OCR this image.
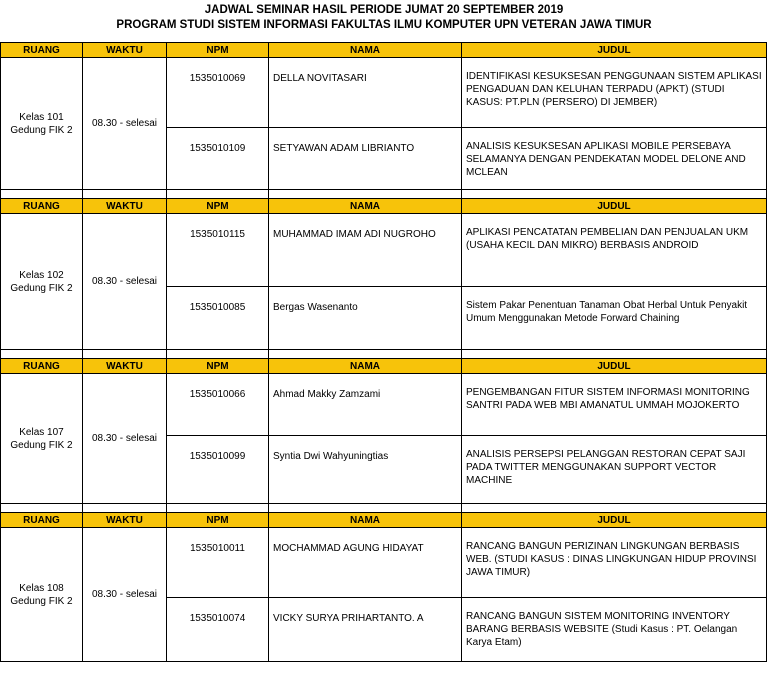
JADWAL SEMINAR HASIL PERIODE JUMAT 20 SEPTEMBER 2019
PROGRAM STUDI SISTEM INFORMASI FAKULTAS ILMU KOMPUTER UPN VETERAN JAWA TIMUR
RUANG	WAKTU	NPM	NAMA	JUDUL

Kelas 101
Gedung FIK 2	08.30 - selesai	1535010069	DELLA NOVITASARI	IDENTIFIKASI KESUKSESAN PENGGUNAAN SISTEM APLIKASI PENGADUAN DAN KELUHAN TERPADU (APKT) (STUDI KASUS: PT.PLN (PERSERO) DI JEMBER)
		1535010109	SETYAWAN ADAM LIBRIANTO	ANALISIS KESUKSESAN APLIKASI MOBILE PERSEBAYA SELAMANYA DENGAN PENDEKATAN MODEL DELONE AND MCLEAN

RUANG	WAKTU	NPM	NAMA	JUDUL

Kelas 102
Gedung FIK 2	08.30 - selesai	1535010115	MUHAMMAD IMAM ADI NUGROHO	APLIKASI PENCATATAN PEMBELIAN DAN PENJUALAN UKM (USAHA KECIL DAN MIKRO) BERBASIS ANDROID
		1535010085	Bergas Wasenanto	Sistem Pakar Penentuan Tanaman Obat Herbal Untuk Penyakit Umum Menggunakan Metode Forward Chaining

RUANG	WAKTU	NPM	NAMA	JUDUL

Kelas 107
Gedung FIK 2	08.30 - selesai	1535010066	Ahmad Makky Zamzami	PENGEMBANGAN FITUR SISTEM INFORMASI MONITORING SANTRI PADA WEB MBI AMANATUL UMMAH MOJOKERTO
		1535010099	Syntia Dwi Wahyuningtias	ANALISIS PERSEPSI PELANGGAN RESTORAN CEPAT SAJI PADA TWITTER MENGGUNAKAN SUPPORT VECTOR MACHINE

RUANG	WAKTU	NPM	NAMA	JUDUL

Kelas 108
Gedung FIK 2	08.30 - selesai	1535010011	MOCHAMMAD AGUNG HIDAYAT	RANCANG BANGUN PERIZINAN LINGKUNGAN BERBASIS WEB. (STUDI KASUS : DINAS LINGKUNGAN HIDUP PROVINSI JAWA TIMUR)
		1535010074	VICKY SURYA PRIHARTANTO. A	RANCANG BANGUN SISTEM MONITORING INVENTORY BARANG BERBASIS WEBSITE (Studi Kasus : PT. Oelangan Karya Etam)
